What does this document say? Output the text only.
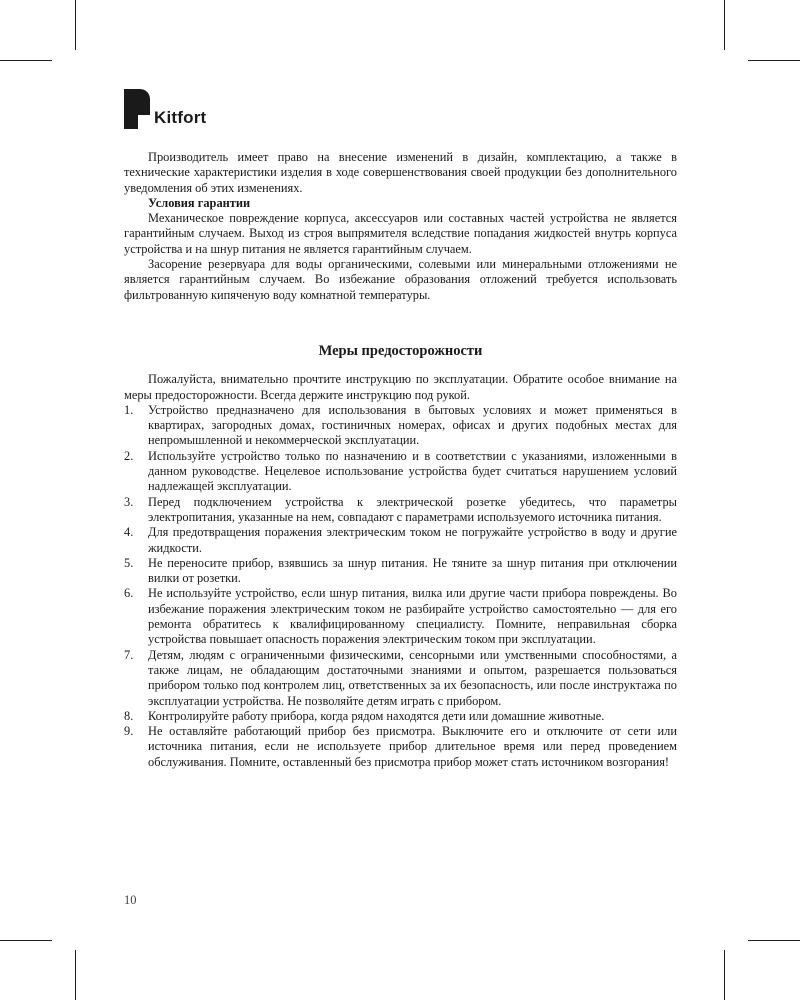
Kitfort

Производитель имеет право на внесение изменений в дизайн, комплектацию, а также в технические характеристики изделия в ходе совершенствования своей продукции без дополнительного уведомления об этих изменениях.

Условия гарантии

Механическое повреждение корпуса, аксессуаров или составных частей устройства не является гарантийным случаем. Выход из строя выпрямителя вследствие попадания жидкостей внутрь корпуса устройства и на шнур питания не является гарантийным случаем.

Засорение резервуара для воды органическими, солевыми или минеральными отложениями не является гарантийным случаем. Во избежание образования отложений требуется использовать фильтрованную кипяченую воду комнатной температуры.

Меры предосторожности

Пожалуйста, внимательно прочтите инструкцию по эксплуатации. Обратите особое внимание на меры предосторожности. Всегда держите инструкцию под рукой.

1.	Устройство предназначено для использования в бытовых условиях и может применяться в квартирах, загородных домах, гостиничных номерах, офисах и других подобных местах для непромышленной и некоммерческой эксплуатации.
2.	Используйте устройство только по назначению и в соответствии с указаниями, изложенными в данном руководстве. Нецелевое использование устройства будет считаться нарушением условий надлежащей эксплуатации.
3.	Перед подключением устройства к электрической розетке убедитесь, что параметры электропитания, указанные на нем, совпадают с параметрами используемого источника питания.
4.	Для предотвращения поражения электрическим током не погружайте устройство в воду и другие жидкости.
5.	Не переносите прибор, взявшись за шнур питания. Не тяните за шнур питания при отключении вилки от розетки.
6.	Не используйте устройство, если шнур питания, вилка или другие части прибора повреждены. Во избежание поражения электрическим током не разбирайте устройство самостоятельно — для его ремонта обратитесь к квалифицированному специалисту. Помните, неправильная сборка устройства повышает опасность поражения электрическим током при эксплуатации.
7.	Детям, людям с ограниченными физическими, сенсорными или умственными способностями, а также лицам, не обладающим достаточными знаниями и опытом, разрешается пользоваться прибором только под контролем лиц, ответственных за их безопасность, или после инструктажа по эксплуатации устройства. Не позволяйте детям играть с прибором.
8.	Контролируйте работу прибора, когда рядом находятся дети или домашние животные.
9.	Не оставляйте работающий прибор без присмотра. Выключите его и отключите от сети или источника питания, если не используете прибор длительное время или перед проведением обслуживания. Помните, оставленный без присмотра прибор может стать источником возгорания!
10
